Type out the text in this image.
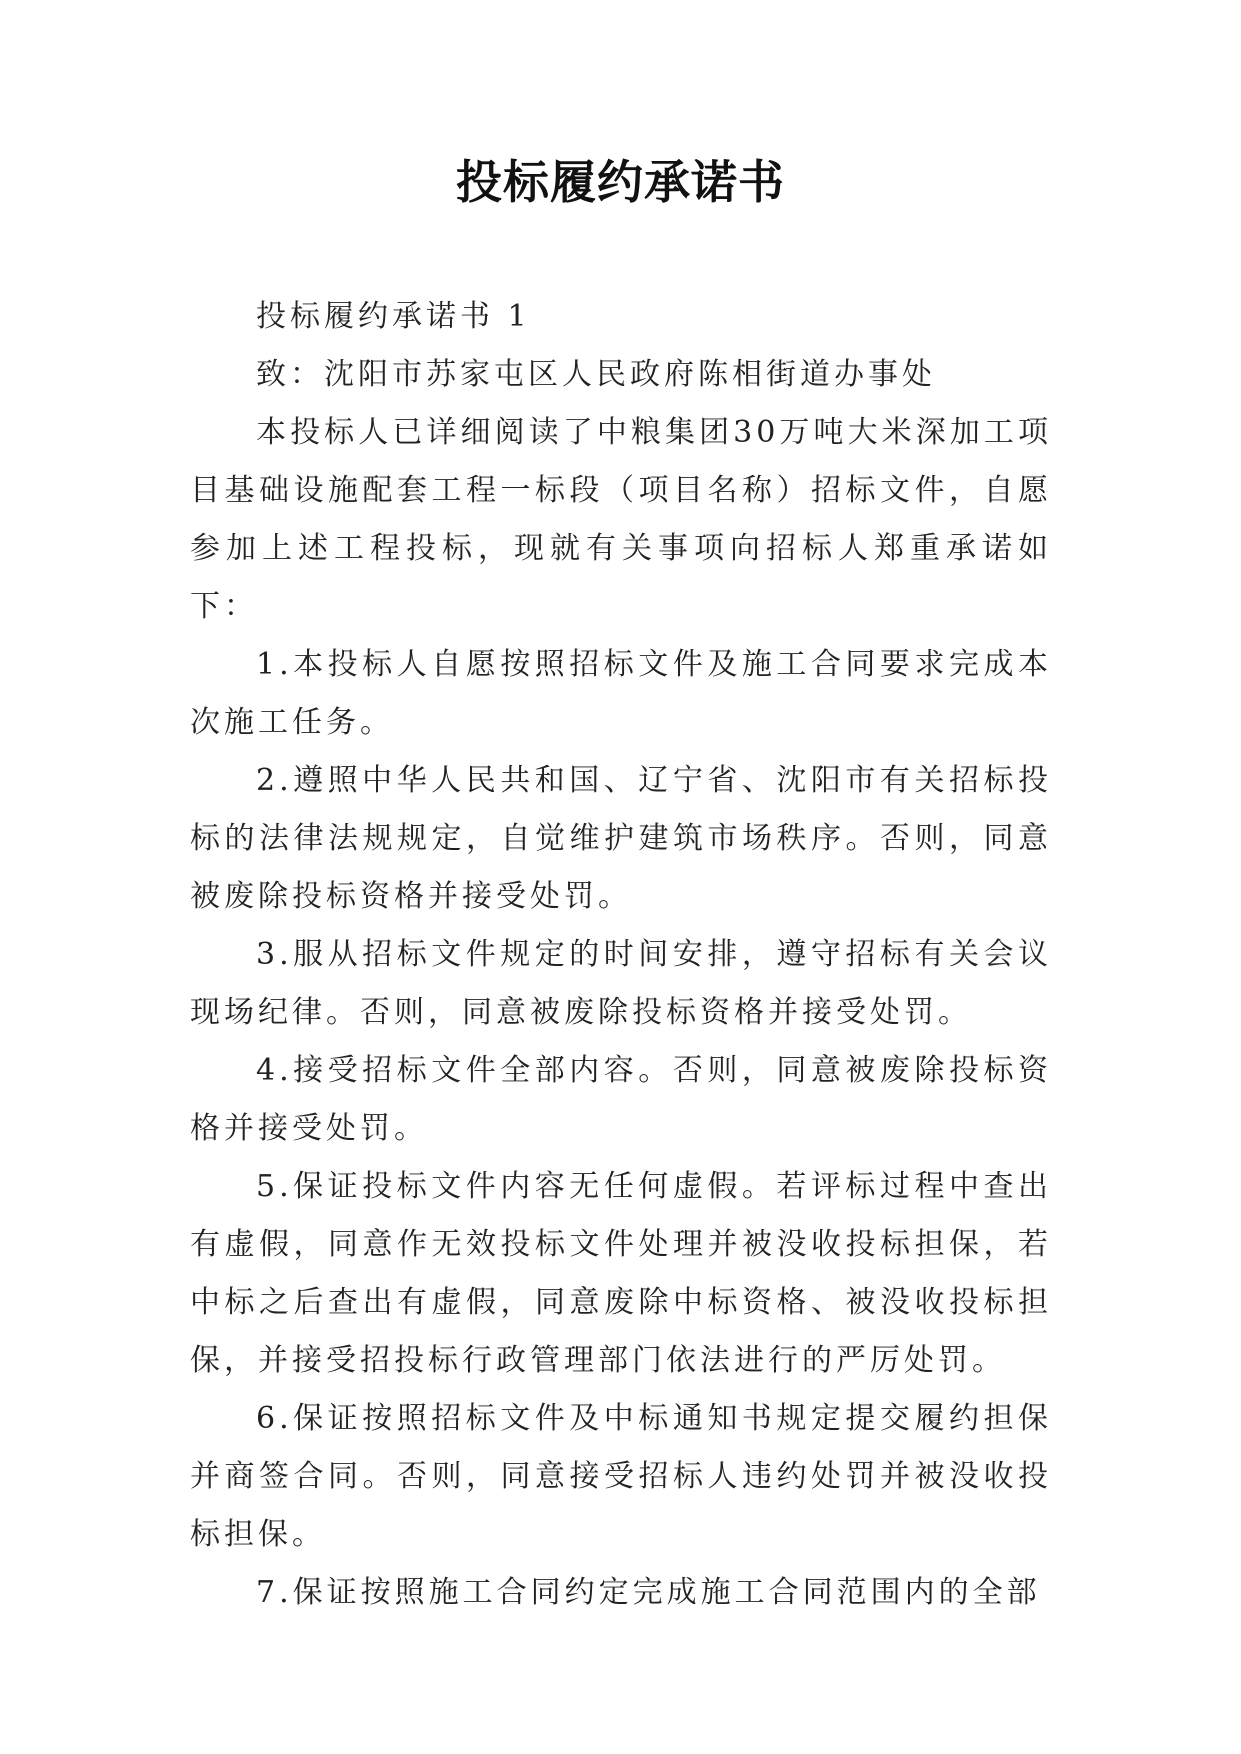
投标履约承诺书

投标履约承诺书 1

致：沈阳市苏家屯区人民政府陈相街道办事处

本投标人已详细阅读了中粮集团30万吨大米深加工项目基础设施配套工程一标段（项目名称）招标文件，自愿参加上述工程投标，现就有关事项向招标人郑重承诺如下：

1.本投标人自愿按照招标文件及施工合同要求完成本次施工任务。

2.遵照中华人民共和国、辽宁省、沈阳市有关招标投标的法律法规规定，自觉维护建筑市场秩序。否则，同意被废除投标资格并接受处罚。

3.服从招标文件规定的时间安排，遵守招标有关会议现场纪律。否则，同意被废除投标资格并接受处罚。

4.接受招标文件全部内容。否则，同意被废除投标资格并接受处罚。

5.保证投标文件内容无任何虚假。若评标过程中查出有虚假，同意作无效投标文件处理并被没收投标担保，若中标之后查出有虚假，同意废除中标资格、被没收投标担保，并接受招投标行政管理部门依法进行的严厉处罚。

6.保证按照招标文件及中标通知书规定提交履约担保并商签合同。否则，同意接受招标人违约处罚并被没收投标担保。

7.保证按照施工合同约定完成施工合同范围内的全部
